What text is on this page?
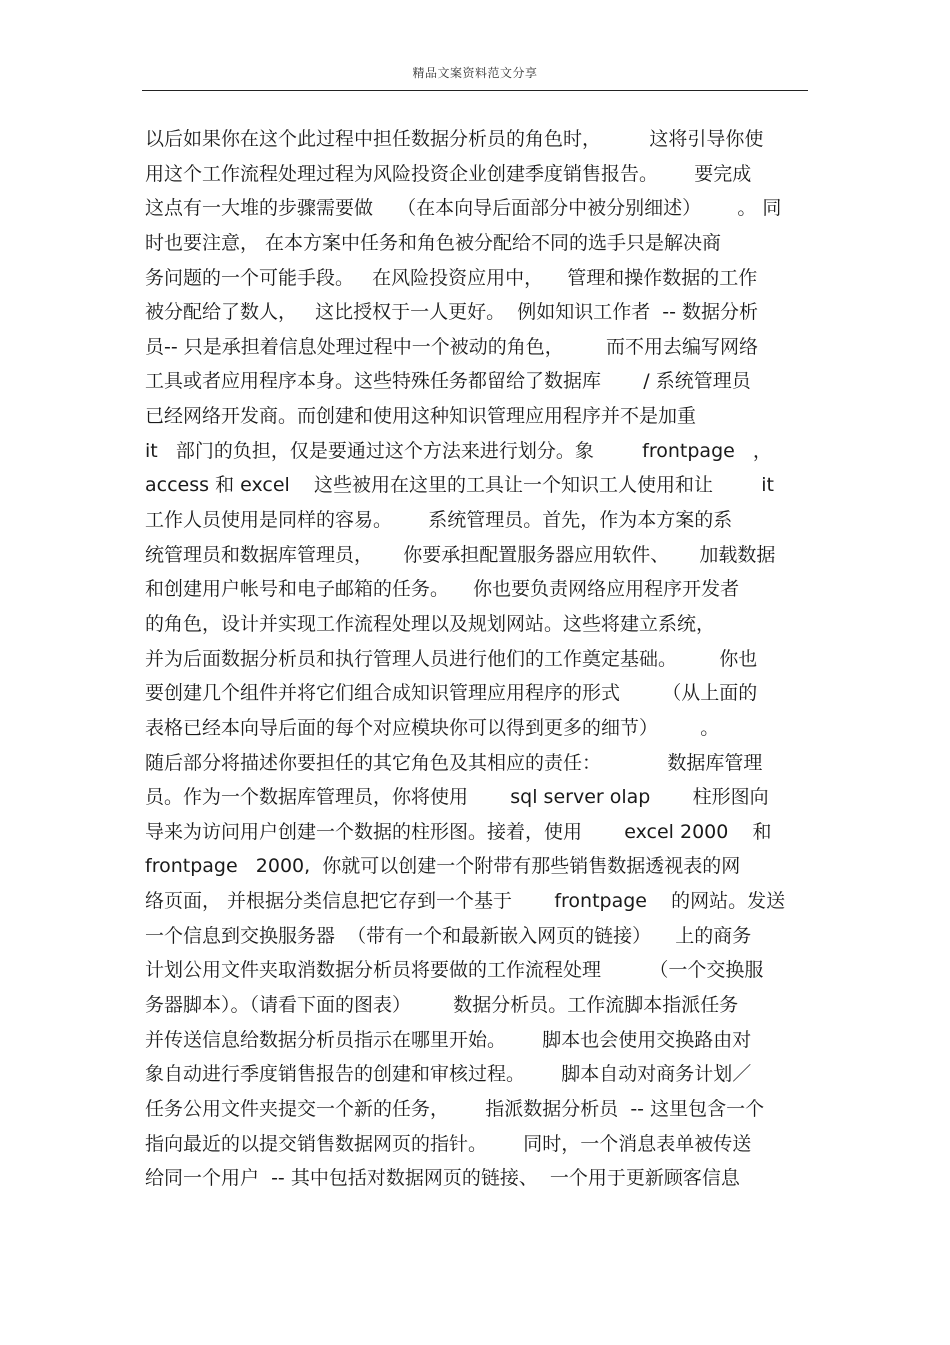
精品文案资料范文分享
以后如果你在这个此过程中担任数据分析员的角色时，        这将引导你使
用这个工作流程处理过程为风险投资企业创建季度销售报告。      要完成
这点有一大堆的步骤需要做    （在本向导后面部分中被分别细述）      。 同
时也要注意， 在本方案中任务和角色被分配给不同的选手只是解决商
务问题的一个可能手段。   在风险投资应用中，    管理和操作数据的工作
被分配给了数人，   这比授权于一人更好。  例如知识工作者  -- 数据分析
员-- 只是承担着信息处理过程中一个被动的角色，       而不用去编写网络
工具或者应用程序本身。这些特殊任务都留给了数据库       / 系统管理员
已经网络开发商。而创建和使用这种知识管理应用程序并不是加重
it   部门的负担，仅是要通过这个方法来进行划分。象        frontpage   ，
access 和 excel    这些被用在这里的工具让一个知识工人使用和让        it
工作人员使用是同样的容易。      系统管理员。首先，作为本方案的系
统管理员和数据库管理员，     你要承担配置服务器应用软件、     加载数据
和创建用户帐号和电子邮箱的任务。    你也要负责网络应用程序开发者
的角色，设计并实现工作流程处理以及规划网站。这些将建立系统，
并为后面数据分析员和执行管理人员进行他们的工作奠定基础。       你也
要创建几个组件并将它们组合成知识管理应用程序的形式       （从上面的
表格已经本向导后面的每个对应模块你可以得到更多的细节）       。
随后部分将描述你要担任的其它角色及其相应的责任：           数据库管理
员。作为一个数据库管理员，你将使用       sql server olap       柱形图向
导来为访问用户创建一个数据的柱形图。接着，使用       excel 2000    和
frontpage   2000,  你就可以创建一个附带有那些销售数据透视表的网
络页面， 并根据分类信息把它存到一个基于       frontpage    的网站。发送
一个信息到交换服务器  （带有一个和最新嵌入网页的链接）    上的商务
计划公用文件夹取消数据分析员将要做的工作流程处理        （一个交换服
务器脚本）。（请看下面的图表）       数据分析员。工作流脚本指派任务
并传送信息给数据分析员指示在哪里开始。      脚本也会使用交换路由对
象自动进行季度销售报告的创建和审核过程。      脚本自动对商务计划／
任务公用文件夹提交一个新的任务，      指派数据分析员  -- 这里包含一个
指向最近的以提交销售数据网页的指针。      同时，一个消息表单被传送
给同一个用户  -- 其中包括对数据网页的链接、  一个用于更新顾客信息
